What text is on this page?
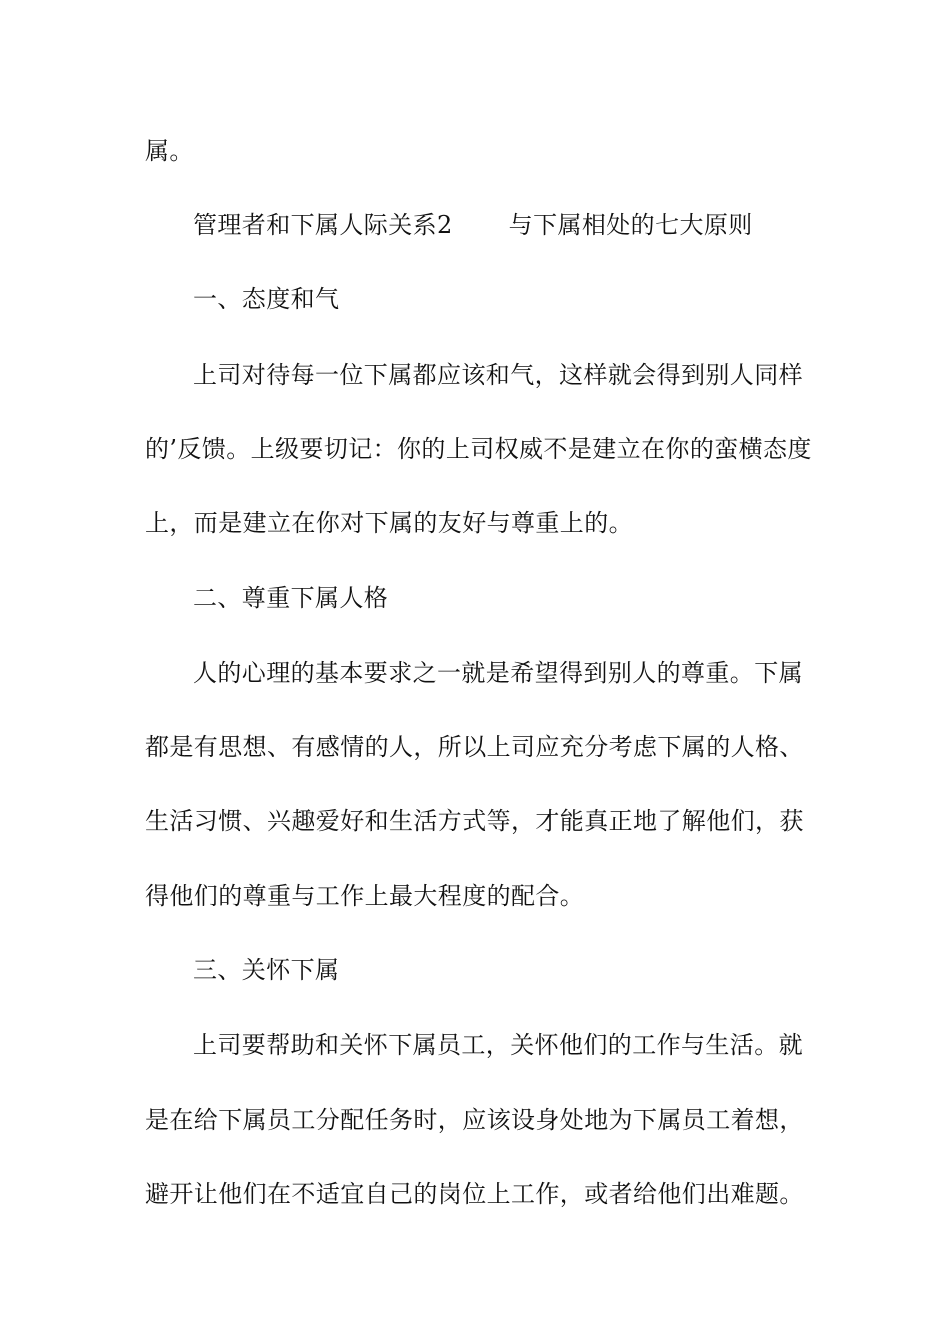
属。
管理者和下属人际关系2 与下属相处的七大原则
一、态度和气
上司对待每一位下属都应该和气，这样就会得到别人同样
的’反馈。上级要切记：你的上司权威不是建立在你的蛮横态度
上，而是建立在你对下属的友好与尊重上的。
二、尊重下属人格
人的心理的基本要求之一就是希望得到别人的尊重。下属
都是有思想、有感情的人，所以上司应充分考虑下属的人格、
生活习惯、兴趣爱好和生活方式等，才能真正地了解他们，获
得他们的尊重与工作上最大程度的配合。
三、关怀下属
上司要帮助和关怀下属员工，关怀他们的工作与生活。就
是在给下属员工分配任务时，应该设身处地为下属员工着想，
避开让他们在不适宜自己的岗位上工作，或者给他们出难题。
